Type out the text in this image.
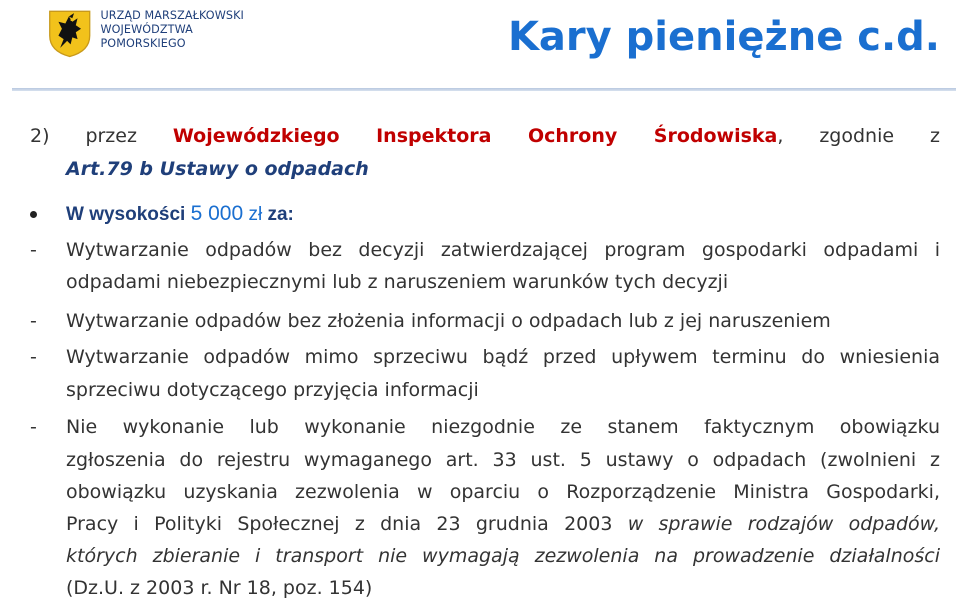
URZĄD MARSZAŁKOWSKI
WOJEWÓDZTWA POMORSKIEGO	Kary pieniężne c.d.
2) przez Wojewódzkiego Inspektora Ochrony Środowiska, zgodnie z
Art.79 b Ustawy o odpadach
W wysokości 5 000 zł za:
- Wytwarzanie odpadów bez decyzji zatwierdzającej program gospodarki odpadami i
odpadami niebezpiecznymi lub z naruszeniem warunków tych decyzji
- Wytwarzanie odpadów bez złożenia informacji o odpadach lub z jej naruszeniem
- Wytwarzanie odpadów mimo sprzeciwu bądź przed upływem terminu do wniesienia
sprzeciwu dotyczącego przyjęcia informacji
- Nie wykonanie lub wykonanie niezgodnie ze stanem faktycznym obowiązku
zgłoszenia do rejestru wymaganego art. 33 ust. 5 ustawy o odpadach (zwolnieni z
obowiązku uzyskania zezwolenia w oparciu o Rozporządzenie Ministra Gospodarki,
Pracy i Polityki Społecznej z dnia 23 grudnia 2003 w sprawie rodzajów odpadów,
których zbieranie i transport nie wymagają zezwolenia na prowadzenie działalności
(Dz.U. z 2003 r. Nr 18, poz. 154)
